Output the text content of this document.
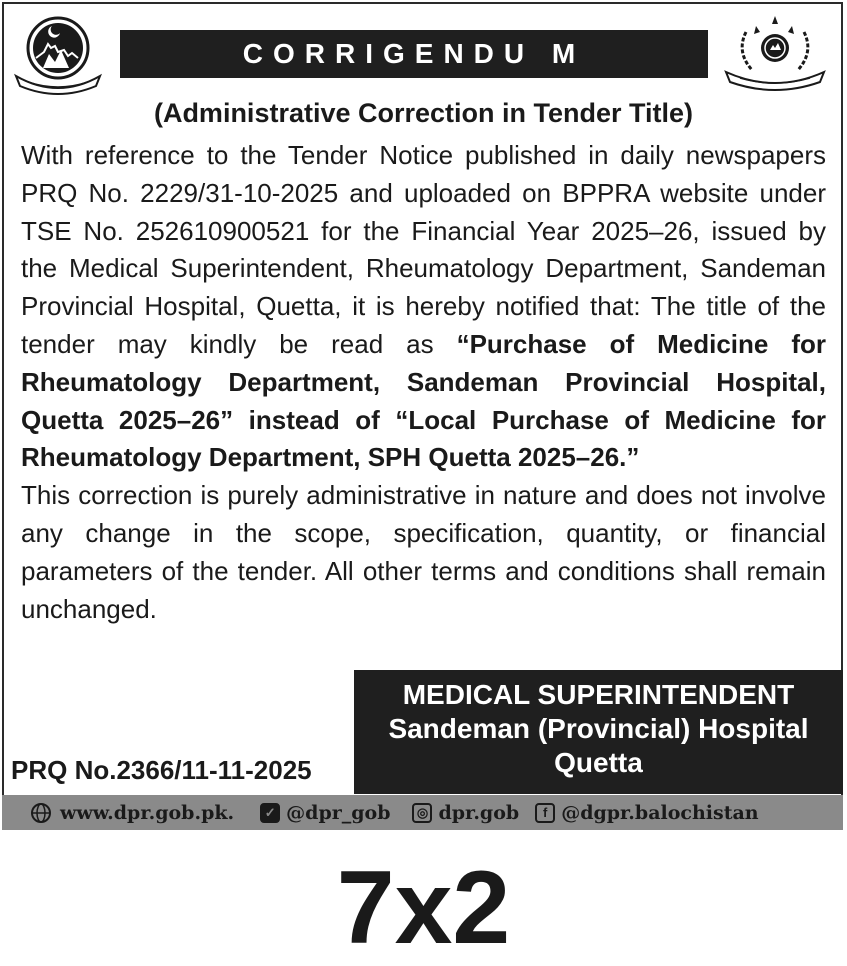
CORRIGENDU M
(Administrative Correction in Tender Title)

With reference to the Tender Notice published in daily newspapers PRQ No. 2229/31-10-2025 and uploaded on BPPRA website under TSE No. 252610900521 for the Financial Year 2025–26, issued by the Medical Superintendent, Rheumatology Department, Sandeman Provincial Hospital, Quetta, it is hereby notified that: The title of the tender may kindly be read as “Purchase of Medicine for Rheumatology Department, Sandeman Provincial Hospital, Quetta 2025–26” instead of “Local Purchase of Medicine for Rheumatology Department, SPH Quetta 2025–26.”

This correction is purely administrative in nature and does not involve any change in the scope, specification, quantity, or financial parameters of the tender. All other terms and conditions shall remain unchanged.

MEDICAL SUPERINTENDENT
Sandeman (Provincial) Hospital
Quetta
PRQ No.2366/11-11-2025
www.dpr.gob.pk.	✓ @dpr_gob	◎ dpr.gob	f @dgpr.balochistan
7x2
